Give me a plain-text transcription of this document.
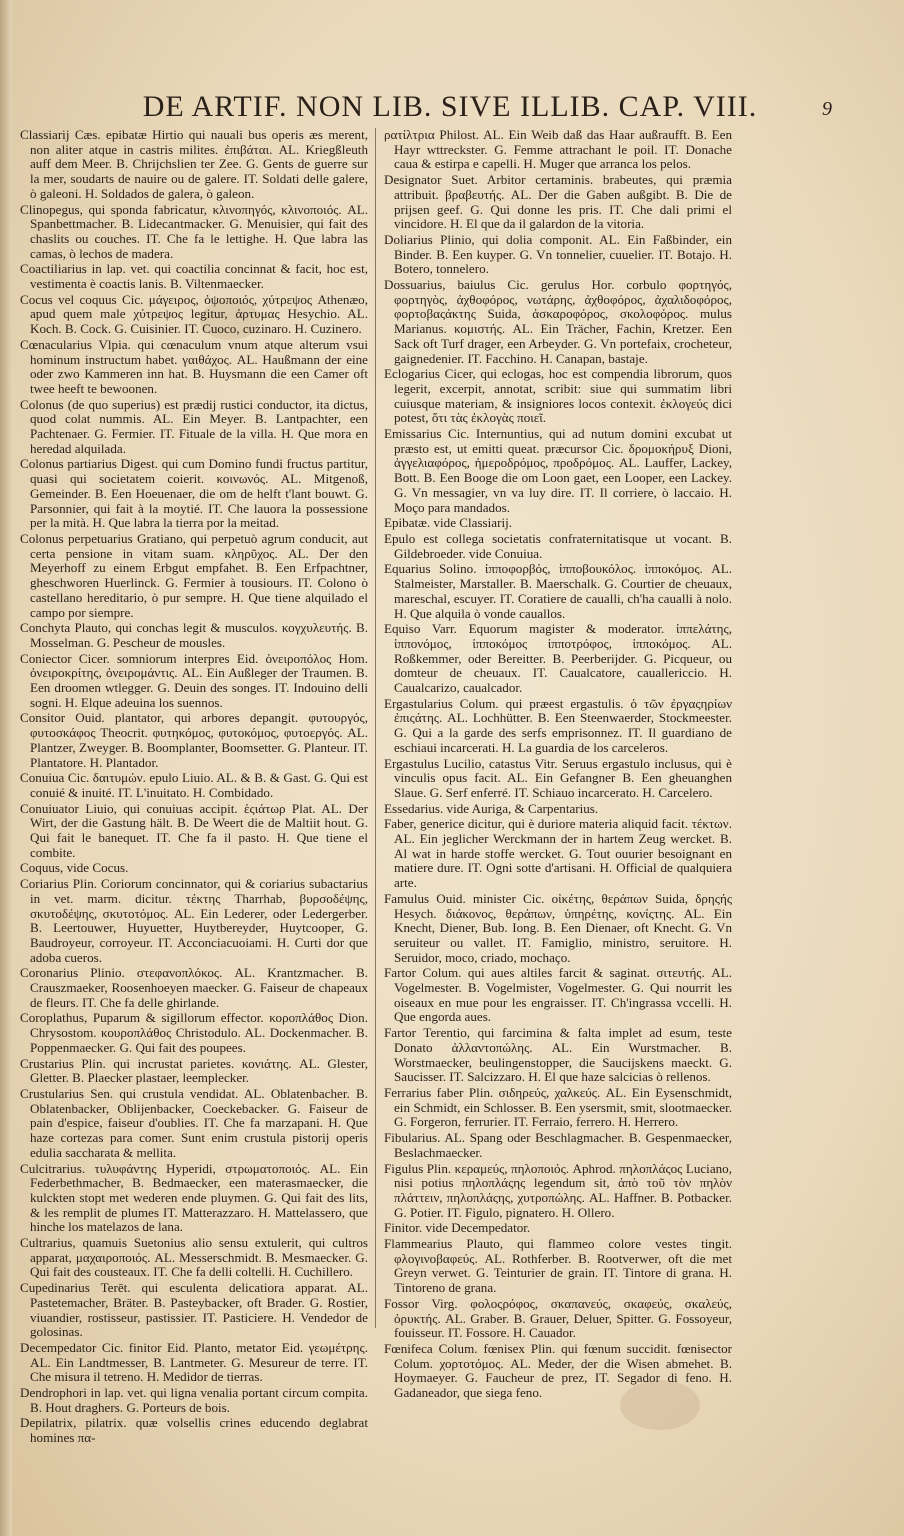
DE ARTIF. NON LIB. SIVE ILLIB. CAP. VIII.	9
Classiarij Cæs. epibatæ Hirtio qui nauali bus operis æs merent, non aliter atque in castris milites. ἐπιβάται. AL. Kriegßleuth auff dem Meer. B. Chrijchslien ter Zee. G. Gents de guerre sur la mer, soudarts de nauire ou de galere. IT. Soldati delle galere, ò galeoni. H. Soldados de galera, ò galeon.
Clinopegus, qui sponda fabricatur, κλινοπηγός, κλινοποιός. AL. Spanbettmacher. B. Lidecantmacker. G. Menuisier, qui fait des chaslits ou couches. IT. Che fa le lettighe. H. Que labra las camas, ò lechos de madera.
Coactiliarius in lap. vet. qui coactilia concinnat & facit, hoc est, vestimenta è coactis lanis. B. Viltenmaecker.
Cocus vel coquus Cic. μάγειρος, ὀψοποιός, χύτρεψος Athenæo, apud quem male χύτρεψος legitur, ἀρτυμας Hesychio. AL. Koch. B. Cock. G. Cuisinier. IT. Cuoco, cuzinaro. H. Cuzinero.
Cœnacularius Vlpia. qui cœnaculum vnum atque alterum vsui hominum instructum habet. γαιθάχος. AL. Haußmann der eine oder zwo Kammeren inn hat. B. Huysmann die een Camer oft twee heeft te bewoonen.
Colonus (de quo superius) est prædij rustici conductor, ita dictus, quod colat nummis. AL. Ein Meyer. B. Lantpachter, een Pachtenaer. G. Fermier. IT. Fituale de la villa. H. Que mora en heredad alquilada.
Colonus partiarius Digest. qui cum Domino fundi fructus partitur, quasi qui societatem coierit. κοινωνός. AL. Mitgenoß, Gemeinder. B. Een Hoeuenaer, die om de helft t'lant bouwt. G. Parsonnier, qui fait à la moytié. IT. Che lauora la possessione per la mità. H. Que labra la tierra por la meitad.
Colonus perpetuarius Gratiano, qui perpetuò agrum conducit, aut certa pensione in vitam suam. κληρῦχος. AL. Der den Meyerhoff zu einem Erbgut empfahet. B. Een Erfpachtner, gheschworen Huerlinck. G. Fermier à tousiours. IT. Colono ò castellano hereditario, ò pur sempre. H. Que tiene alquilado el campo por siempre.
Conchyta Plauto, qui conchas legit & musculos. κογχυλευτής. B. Mosselman. G. Pescheur de mousles.
Coniector Cicer. somniorum interpres Eid. ὀνειροπόλος Hom. ὀνειροκρίτης, ὀνειρομάντις. AL. Ein Außleger der Traumen. B. Een droomen wtlegger. G. Deuin des songes. IT. Indouino delli sogni. H. Elque adeuina los suennos.
Consitor Ouid. plantator, qui arbores depangit. φυτουργός, φυτοσκάφος Theocrit. φυτηκόμος, φυτοκόμος, φυτοεργός. AL. Plantzer, Zweyger. B. Boomplanter, Boomsetter. G. Planteur. IT. Plantatore. H. Plantador.
Conuiua Cic. δαιτυμών. epulo Liuio. AL. & B. & Gast. G. Qui est conuié & inuité. IT. L'inuitato. H. Combidado.
Conuiuator Liuio, qui conuiuas accipit. ἑςιάτωρ Plat. AL. Der Wirt, der die Gastung hält. B. De Weert die de Maltiit hout. G. Qui fait le banequet. IT. Che fa il pasto. H. Que tiene el combite.
Coquus, vide Cocus.
Coriarius Plin. Coriorum concinnator, qui & coriarius subactarius in vet. marm. dicitur. τέκτης Tharrhab, βυρσοδέψης, σκυτοδέψης, σκυτοτόμος. AL. Ein Lederer, oder Ledergerber. B. Leertouwer, Huyuetter, Huytbereyder, Huytcooper, G. Baudroyeur, corroyeur. IT. Acconciacuoiami. H. Curti dor que adoba cueros.
Coronarius Plinio. στεφανοπλόκος. AL. Krantzmacher. B. Crauszmaeker, Roosenhoeyen maecker. G. Faiseur de chapeaux de fleurs. IT. Che fa delle ghirlande.
Coroplathus, Puparum & sigillorum effector. κοροπλάθος Dion. Chrysostom. κουροπλάθος Christodulo. AL. Dockenmacher. B. Poppenmaecker. G. Qui fait des poupees.
Crustarius Plin. qui incrustat parietes. κονιάτης. AL. Glester, Gletter. B. Plaecker plastaer, leemplecker.
Crustularius Sen. qui crustula vendidat. AL. Oblatenbacher. B. Oblatenbacker, Oblijenbacker, Coeckebacker. G. Faiseur de pain d'espice, faiseur d'oublies. IT. Che fa marzapani. H. Que haze cortezas para comer. Sunt enim crustula pistorij operis edulia saccharata & mellita.
Culcitrarius. τυλυφάντης Hyperidi, στρωματοποιός. AL. Ein Federbethmacher, B. Bedmaecker, een materasmaecker, die kulckten stopt met wederen ende pluymen. G. Qui fait des lits, & les remplit de plumes IT. Matterazzaro. H. Mattelassero, que hinche los matelazos de lana.
Cultrarius, quamuis Suetonius alio sensu extulerit, qui cultros apparat, μαχαιροποιός. AL. Messerschmidt. B. Mesmaecker. G. Qui fait des cousteaux. IT. Che fa delli coltelli. H. Cuchillero.
Cupedinarius Terēt. qui esculenta delicatiora apparat. AL. Pastetemacher, Bräter. B. Pasteybacker, oft Brader. G. Rostier, viuandier, rostisseur, pastissier. IT. Pasticiere. H. Vendedor de golosinas.
Decempedator Cic. finitor Eid. Planto, metator Eid. γεωμέτρης. AL. Ein Landtmesser, B. Lantmeter. G. Mesureur de terre. IT. Che misura il tetreno. H. Medidor de tierras.
Dendrophori in lap. vet. qui ligna venalia portant circum compita. B. Hout draghers. G. Porteurs de bois.
Depilatrix, pilatrix. quæ volsellis crines educendo deglabrat homines πα-
ρατίλτρια Philost. AL. Ein Weib daß das Haar außraufft. B. Een Hayr wttreckster. G. Femme attrachant le poil. IT. Donache caua & estirpa e capelli. H. Muger que arranca los pelos.
Designator Suet. Arbitor certaminis. brabeutes, qui præmia attribuit. βραβευτής. AL. Der die Gaben außgibt. B. Die de prijsen geef. G. Qui donne les pris. IT. Che dali primi el vincidore. H. El que da il galardon de la vitoria.
Doliarius Plinio, qui dolia componit. AL. Ein Faßbinder, ein Binder. B. Een kuyper. G. Vn tonnelier, cuuelier. IT. Botajo. H. Botero, tonnelero.
Dossuarius, baiulus Cic. gerulus Hor. corbulo φορτηγός, φορτηγὸς, ἀχθοφόρος, νωτάρης, ἀχθοφόρος, ἀχαλιδοφόρος, φορτοβαςάκτης Suida, ἀσκαροφόρος, σκολοφόρος. mulus Marianus. κομιστής. AL. Ein Trächer, Fachin, Kretzer. Een Sack oft Turf drager, een Arbeyder. G. Vn portefaix, crocheteur, gaignedenier. IT. Facchino. H. Canapan, bastaje.
Eclogarius Cicer, qui eclogas, hoc est compendia librorum, quos legerit, excerpit, annotat, scribit: siue qui summatim libri cuiusque materiam, & insigniores locos contexit. ἐκλογεύς dici potest, ὅτι τὰς ἐκλογὰς ποιεῖ.
Emissarius Cic. Internuntius, qui ad nutum domini excubat ut præsto est, ut emitti queat. præcursor Cic. δρομοκήρυξ Dioni, ἀγγελιαφόρος, ἡμεροδρόμος, προδρόμος. AL. Lauffer, Lackey, Bott. B. Een Booge die om Loon gaet, een Looper, een Lackey. G. Vn messagier, vn va luy dire. IT. Il corriere, ò laccaio. H. Moço para mandados.
Epibatæ. vide Classiarij.
Epulo est collega societatis confraternitatisque ut vocant. B. Gildebroeder. vide Conuiua.
Equarius Solino. ἱπποφορβός, ἱπποβουκόλος. ἱπποκόμος. AL. Stalmeister, Marstaller. B. Maerschalk. G. Courtier de cheuaux, mareschal, escuyer. IT. Coratiere de caualli, ch'ha caualli à nolo. H. Que alquila ò vonde cauallos.
Equiso Varr. Equorum magister & moderator. ἱππελάτης, ἱππονόμος, ἱπποκόμος ἱπποτρόφος, ἱπποκόμος. AL. Roßkemmer, oder Bereitter. B. Peerberijder. G. Picqueur, ou domteur de cheuaux. IT. Caualcatore, cauallericcio. H. Caualcarizo, caualcador.
Ergastularius Colum. qui præest ergastulis. ὁ τῶν ἐργαςηρίων ἐπιςάτης. AL. Lochhütter. B. Een Steenwaerder, Stockmeester. G. Qui a la garde des serfs emprisonnez. IT. Il guardiano de eschiaui incarcerati. H. La guardia de los carceleros.
Ergastulus Lucilio, catastus Vitr. Seruus ergastulo inclusus, qui è vinculis opus facit. AL. Ein Gefangner B. Een gheuanghen Slaue. G. Serf enferré. IT. Schiauo incarcerato. H. Carcelero.
Essedarius. vide Auriga, & Carpentarius.
Faber, generice dicitur, qui è duriore materia aliquid facit. τέκτων. AL. Ein jeglicher Werckmann der in hartem Zeug wercket. B. Al wat in harde stoffe wercket. G. Tout ouurier besoignant en matiere dure. IT. Ogni sotte d'artisani. H. Official de qualquiera arte.
Famulus Ouid. minister Cic. οἰκέτης, θεράπων Suida, δρηςής Hesych. διάκονος, θεράπων, ὑπηρέτης, κονίςτης. AL. Ein Knecht, Diener, Bub. Iong. B. Een Dienaer, oft Knecht. G. Vn seruiteur ou vallet. IT. Famiglio, ministro, seruitore. H. Seruidor, moco, criado, mochaço.
Fartor Colum. qui aues altiles farcit & saginat. σιτευτής. AL. Vogelmester. B. Vogelmister, Vogelmester. G. Qui nourrit les oiseaux en mue pour les engraisser. IT. Ch'ingrassa vccelli. H. Que engorda aues.
Fartor Terentio, qui farcimina & falta implet ad esum, teste Donato ἀλλαντοπώλης. AL. Ein Wurstmacher. B. Worstmaecker, beulingenstopper, die Saucijskens maeckt. G. Saucisser. IT. Salcizzaro. H. El que haze salcicias ò rellenos.
Ferrarius faber Plin. σιδηρεύς, χαλκεύς. AL. Ein Eysenschmidt, ein Schmidt, ein Schlosser. B. Een ysersmit, smit, slootmaecker. G. Forgeron, ferrurier. IT. Ferraio, ferrero. H. Herrero.
Fibularius. AL. Spang oder Beschlagmacher. B. Gespenmaecker, Beslachmaecker.
Figulus Plin. κεραμεύς, πηλοποιός. Aphrod. πηλοπλάςος Luciano, nisi potius πηλοπλάςης legendum sit, ἀπὸ τοῦ τὸν πηλὸν πλάττειν, πηλοπλάςης, χυτροπώλης. AL. Haffner. B. Potbacker. G. Potier. IT. Figulo, pignatero. H. Ollero.
Finitor. vide Decempedator.
Flammearius Plauto, qui flammeo colore vestes tingit. φλογινοβαφεύς. AL. Rothferber. B. Rootverwer, oft die met Greyn verwet. G. Teinturier de grain. IT. Tintore di grana. H. Tintoreno de grana.
Fossor Virg. φολοςρόφος, σκαπανεύς, σκαφεύς, σκαλεύς, ὀρυκτής. AL. Graber. B. Grauer, Deluer, Spitter. G. Fossoyeur, fouisseur. IT. Fossore. H. Cauador.
Fœnifeca Colum. fœnisex Plin. qui fœnum succidit. fœnisector Colum. χορτοτόμος. AL. Meder, der die Wisen abmehet. B. Hoymaeyer. G. Faucheur de prez, IT. Segador di feno. H. Gadaneador, que siega feno.
